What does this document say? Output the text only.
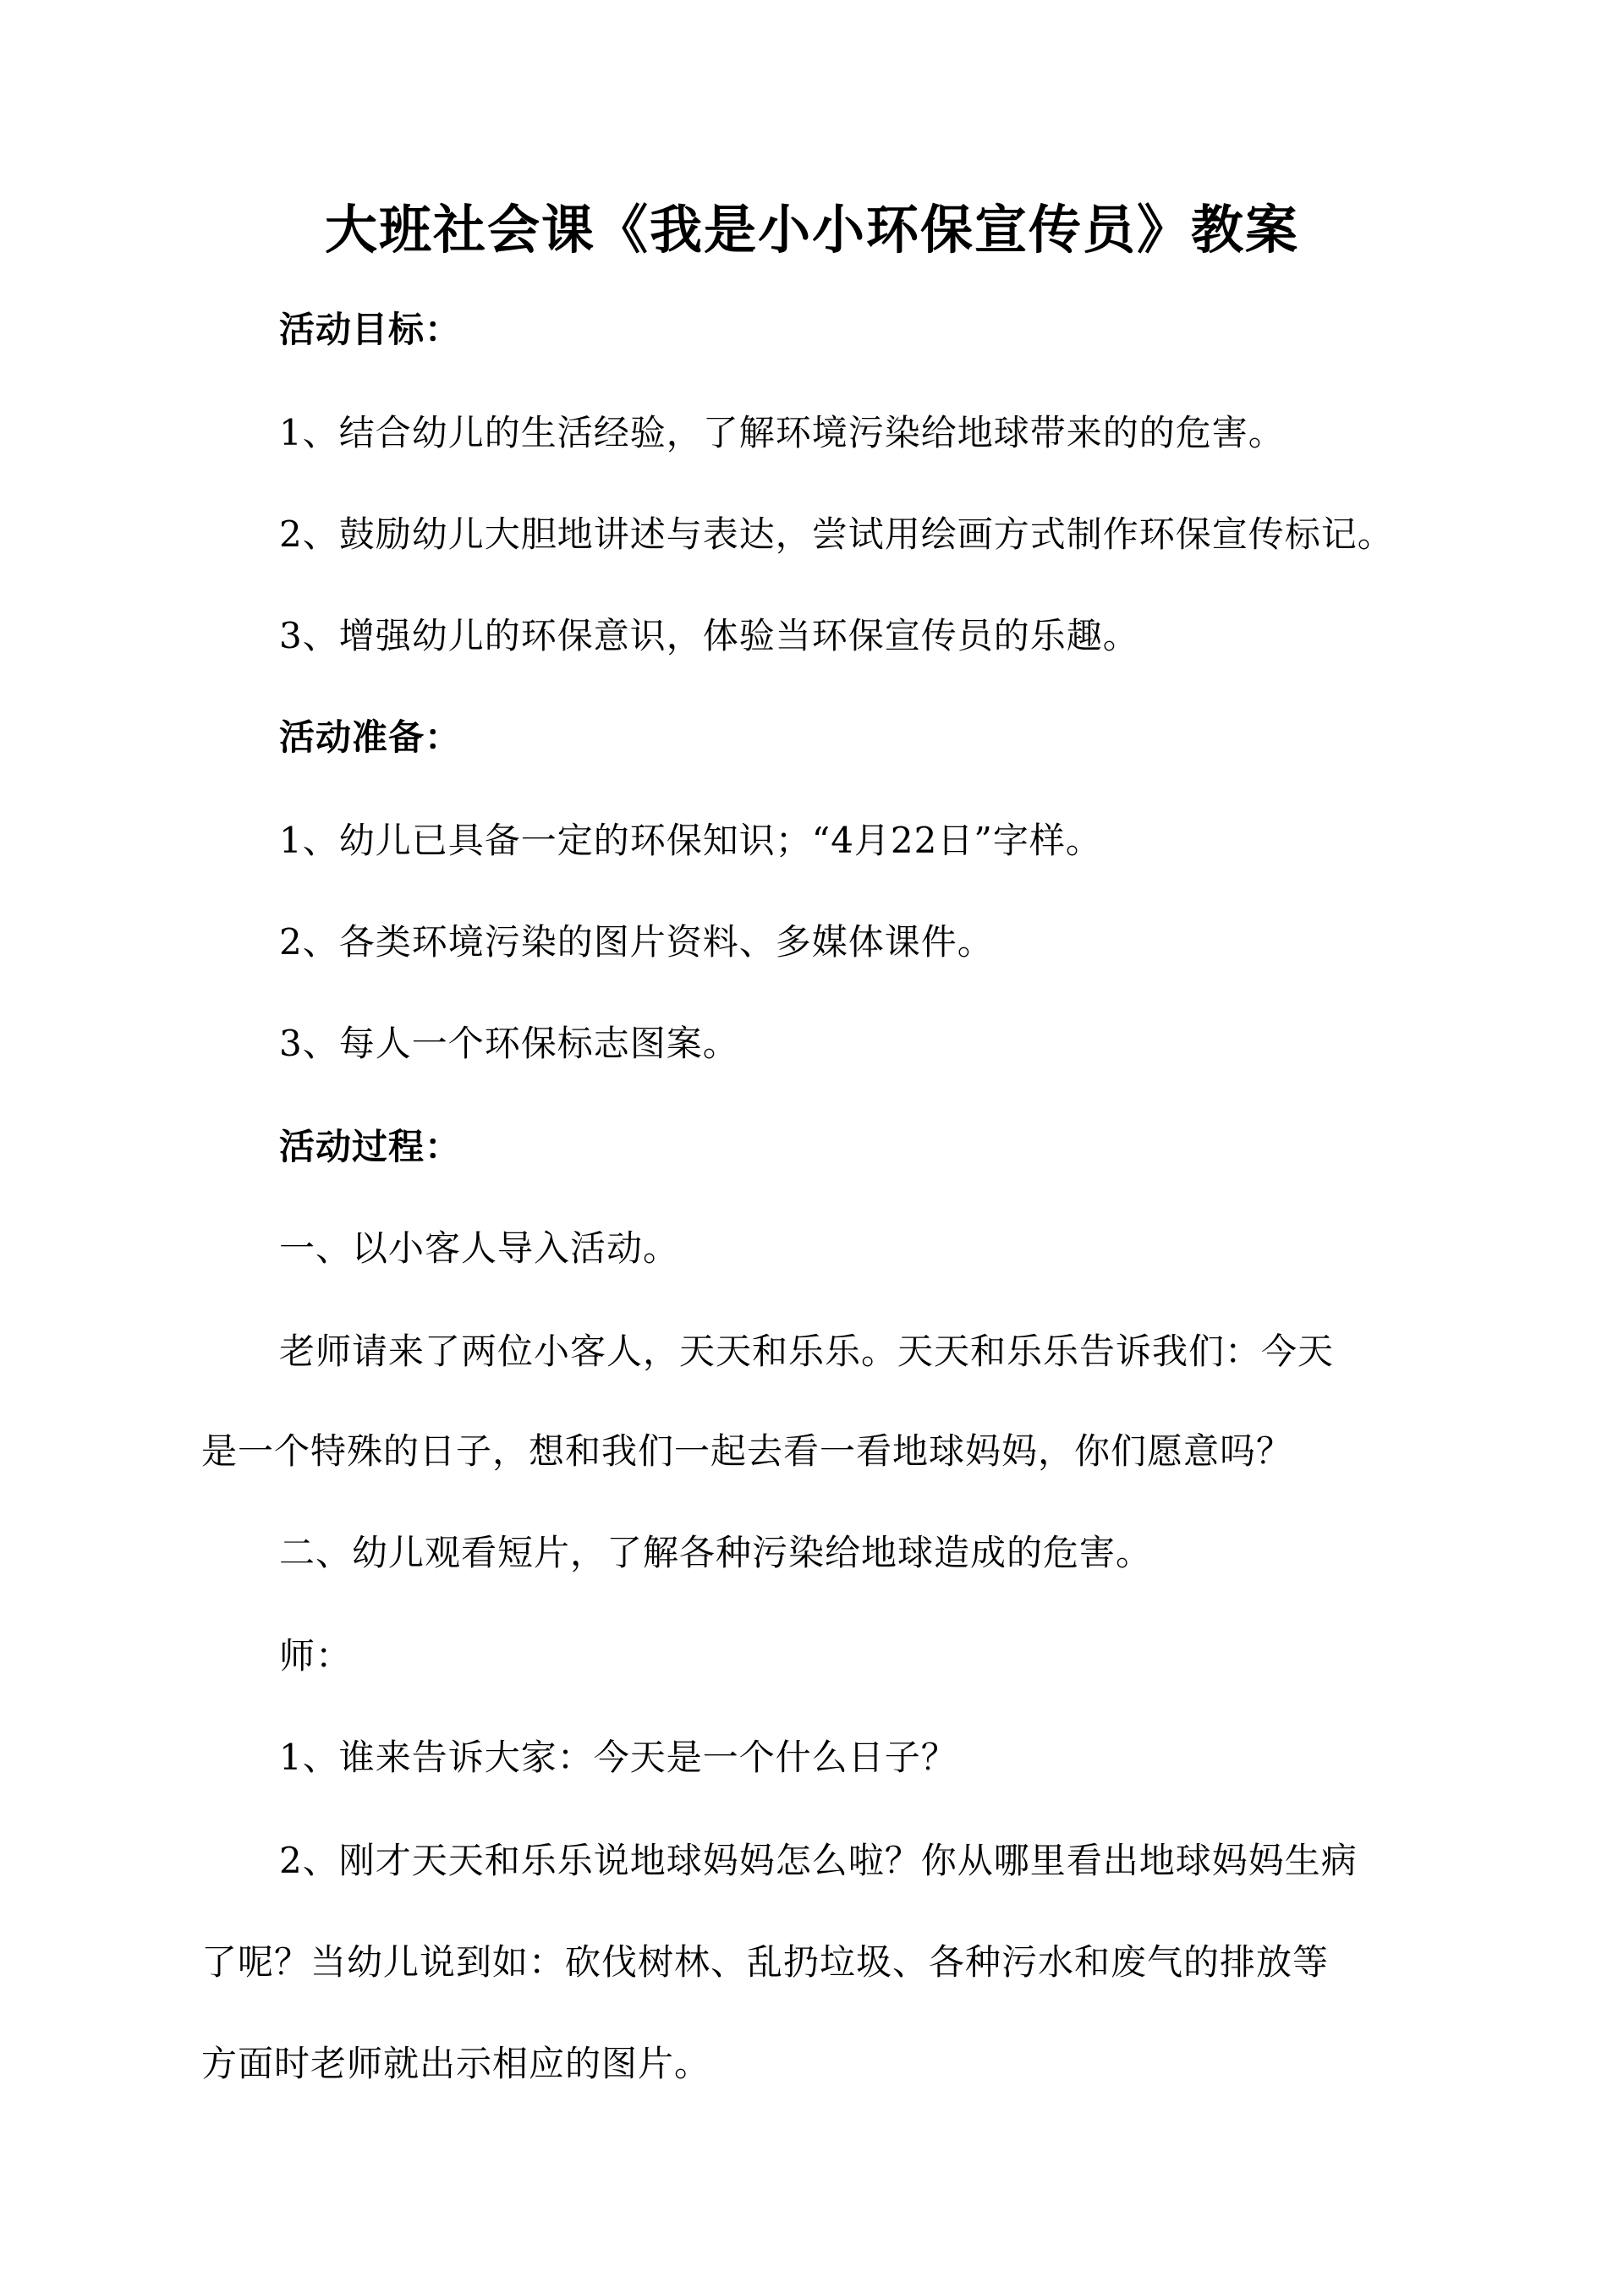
大班社会课《我是小小环保宣传员》教案
活动目标：
1、结合幼儿的生活经验，了解环境污染给地球带来的的危害。
2、鼓励幼儿大胆地讲述与表达，尝试用绘画方式制作环保宣传标记。
3、增强幼儿的环保意识，体验当环保宣传员的乐趣。
活动准备：
1、幼儿已具备一定的环保知识；“4月22日”字样。
2、各类环境污染的图片资料、多媒体课件。
3、每人一个环保标志图案。
活动过程：
一、以小客人导入活动。
老师请来了两位小客人，天天和乐乐。天天和乐乐告诉我们：今天
是一个特殊的日子，想和我们一起去看一看地球妈妈，你们愿意吗？
二、幼儿观看短片，了解各种污染给地球造成的危害。
师：
1、谁来告诉大家：今天是一个什么日子？
2、刚才天天和乐乐说地球妈妈怎么啦？你从哪里看出地球妈妈生病
了呢？当幼儿说到如：砍伐树林、乱扔垃圾、各种污水和废气的排放等
方面时老师就出示相应的图片。
